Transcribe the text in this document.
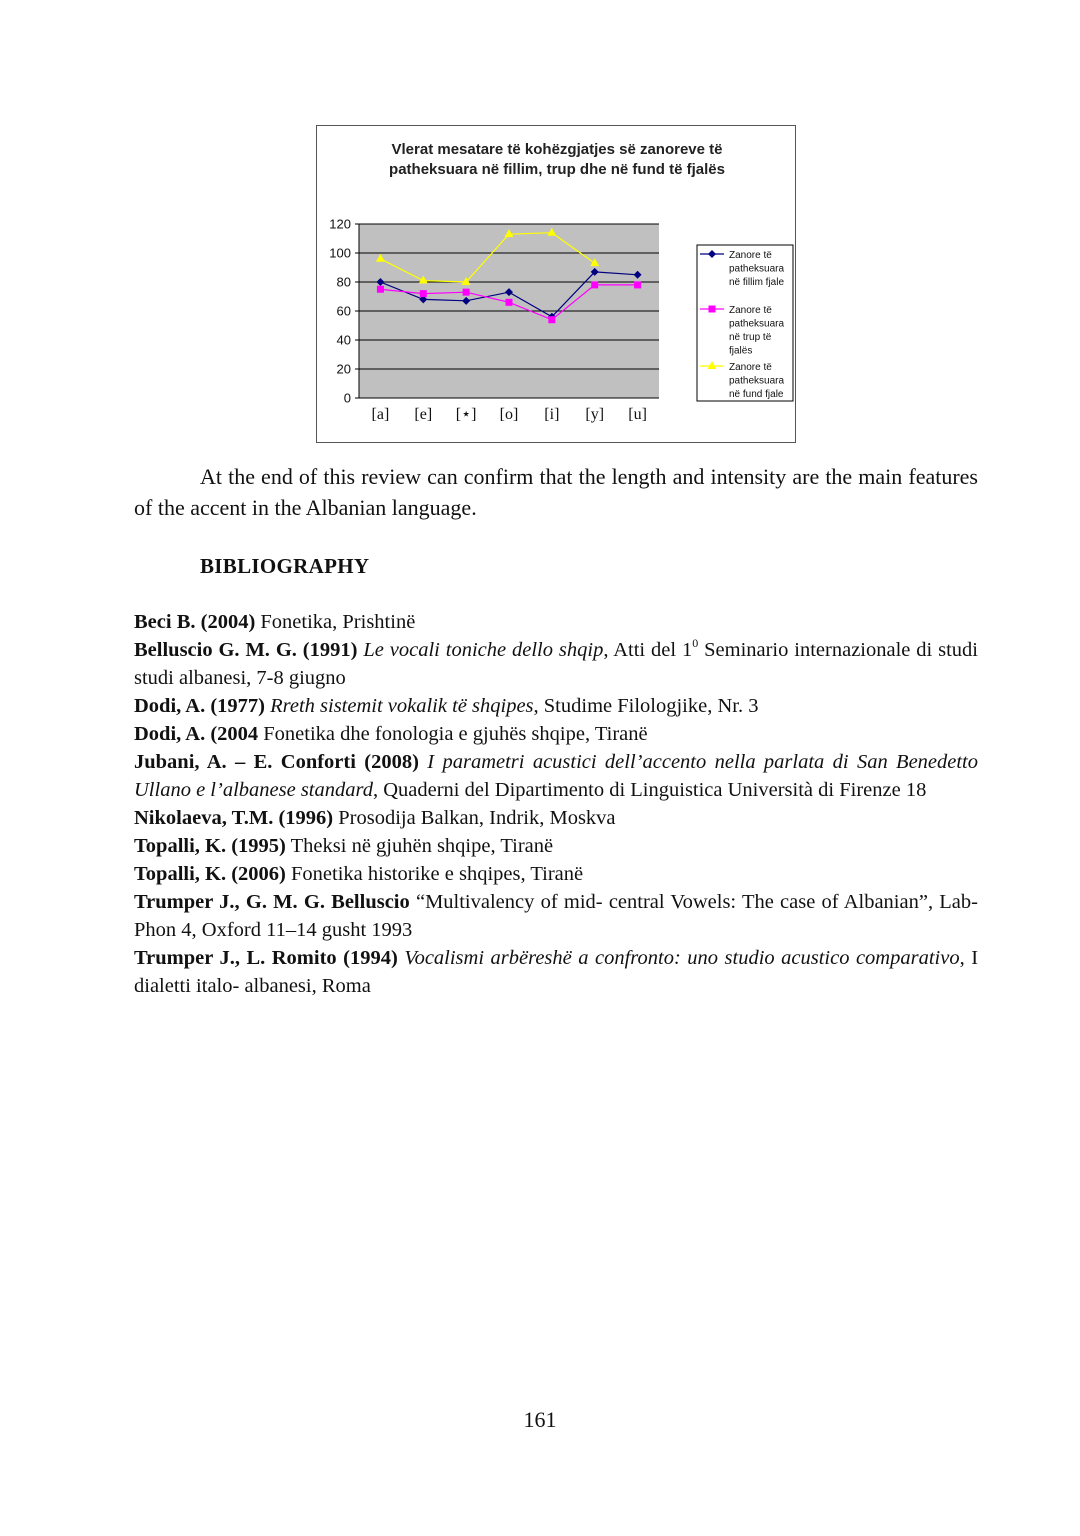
Vlerat mesatare të kohëzgjatjes së zanoreve të
patheksuara në fillim, trup dhe në fund të fjalës
0
20
40
60
80
100
120
[a] [e] [⋆] [o] [i] [y] [u]
Zanore të
patheksuara
në fillim fjale
Zanore të
patheksuara
në trup të
fjalës
Zanore të
patheksuara
në fund fjale

At the end of this review can confirm that the length and intensity are the main features of the accent in the Albanian language.

BIBLIOGRAPHY
Beci B. (2004) Fonetika, Prishtinë
Belluscio G. M. G. (1991) Le vocali toniche dello shqip, Atti del $1^0$ Seminario internazionale di studi studi albanesi, 7-8 giugno
Dodi, A. (1977) Rreth sistemit vokalik të shqipes, Studime Filologjike, Nr. 3
Dodi, A. (2004 Fonetika dhe fonologia e gjuhës shqipe, Tiranë
Jubani, A. – E. Conforti (2008) I parametri acustici dell’accento nella parlata di San Benedetto Ullano e l’albanese standard, Quaderni del Dipartimento di Linguistica Università di Firenze 18
Nikolaeva, T.M. (1996) Prosodija Balkan, Indrik, Moskva
Topalli, K. (1995) Theksi në gjuhën shqipe, Tiranë
Topalli, K. (2006) Fonetika historike e shqipes, Tiranë
Trumper J., G. M. G. Belluscio “Multivalency of mid- central Vowels: The case of Albanian”, Lab- Phon 4, Oxford 11–14 gusht 1993
Trumper J., L. Romito (1994) Vocalismi arbëreshë a confronto: uno studio acustico comparativo, I dialetti italo- albanesi, Roma

161
